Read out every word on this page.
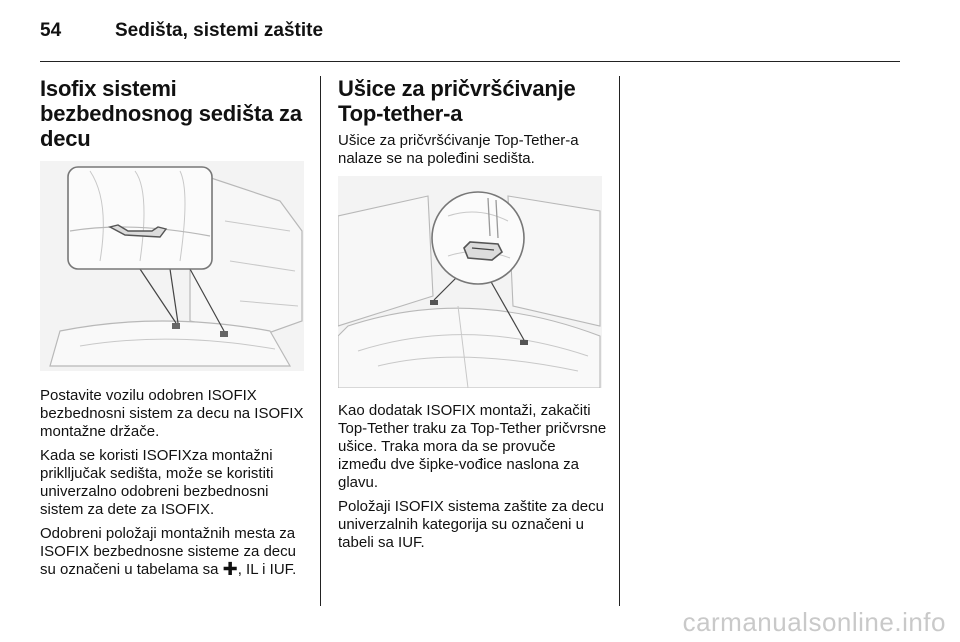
54	Sedišta, sistemi zaštite
Isofix sistemi bezbednosnog sedišta za decu

Postavite vozilu odobren ISOFIX bezbednosni sistem za decu na ISOFIX montažne držače.

Kada se koristi ISOFIXza montažni priklljučak sedišta, može se koristiti univerzalno odobreni bezbednosni sistem za dete za ISOFIX.

Odobreni položaji montažnih mesta za ISOFIX bezbednosne sisteme za decu su označeni u tabelama sa ✚, IL i IUF.

Ušice za pričvršćivanje Top-tether-a

Ušice za pričvršćivanje Top-Tether-a nalaze se na poleđini sedišta.

Kao dodatak ISOFIX montaži, zakačiti Top-Tether traku za Top-Tether pričvrsne ušice. Traka mora da se provuče između dve šipke-vođice naslona za glavu.

Položaji ISOFIX sistema zaštite za decu univerzalnih kategorija su označeni u tabeli sa IUF.

carmanualsonline.info
